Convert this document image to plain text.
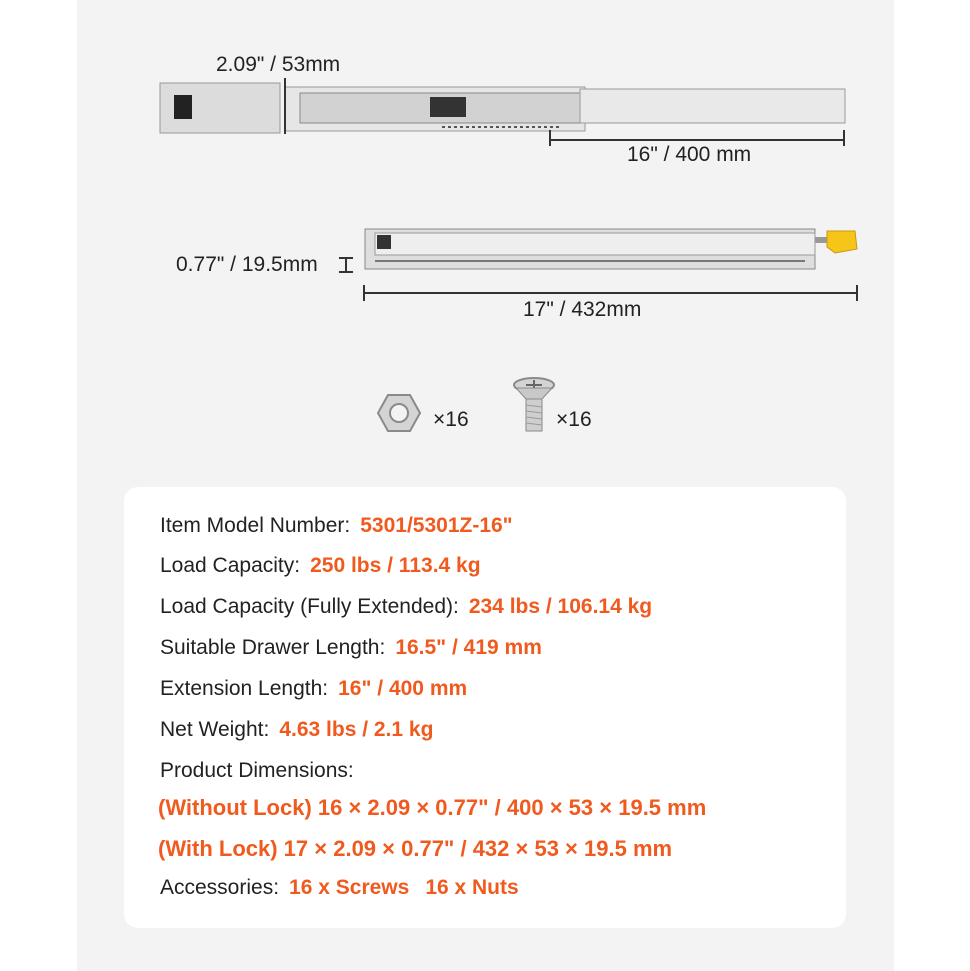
2.09" / 53mm
16" / 400 mm
0.77" / 19.5mm
17" / 432mm
×16	×16
Item Model Number: 5301/5301Z-16"
Load Capacity: 250 lbs / 113.4 kg
Load Capacity (Fully Extended): 234 lbs / 106.14 kg
Suitable Drawer Length: 16.5" / 419 mm
Extension Length: 16" / 400 mm
Net Weight: 4.63 lbs / 2.1 kg
Product Dimensions:
(Without Lock) 16 × 2.09 × 0.77" / 400 × 53 × 19.5 mm
(With Lock) 17 × 2.09 × 0.77" / 432 × 53 × 19.5 mm
Accessories: 16 x Screws 16 x Nuts
